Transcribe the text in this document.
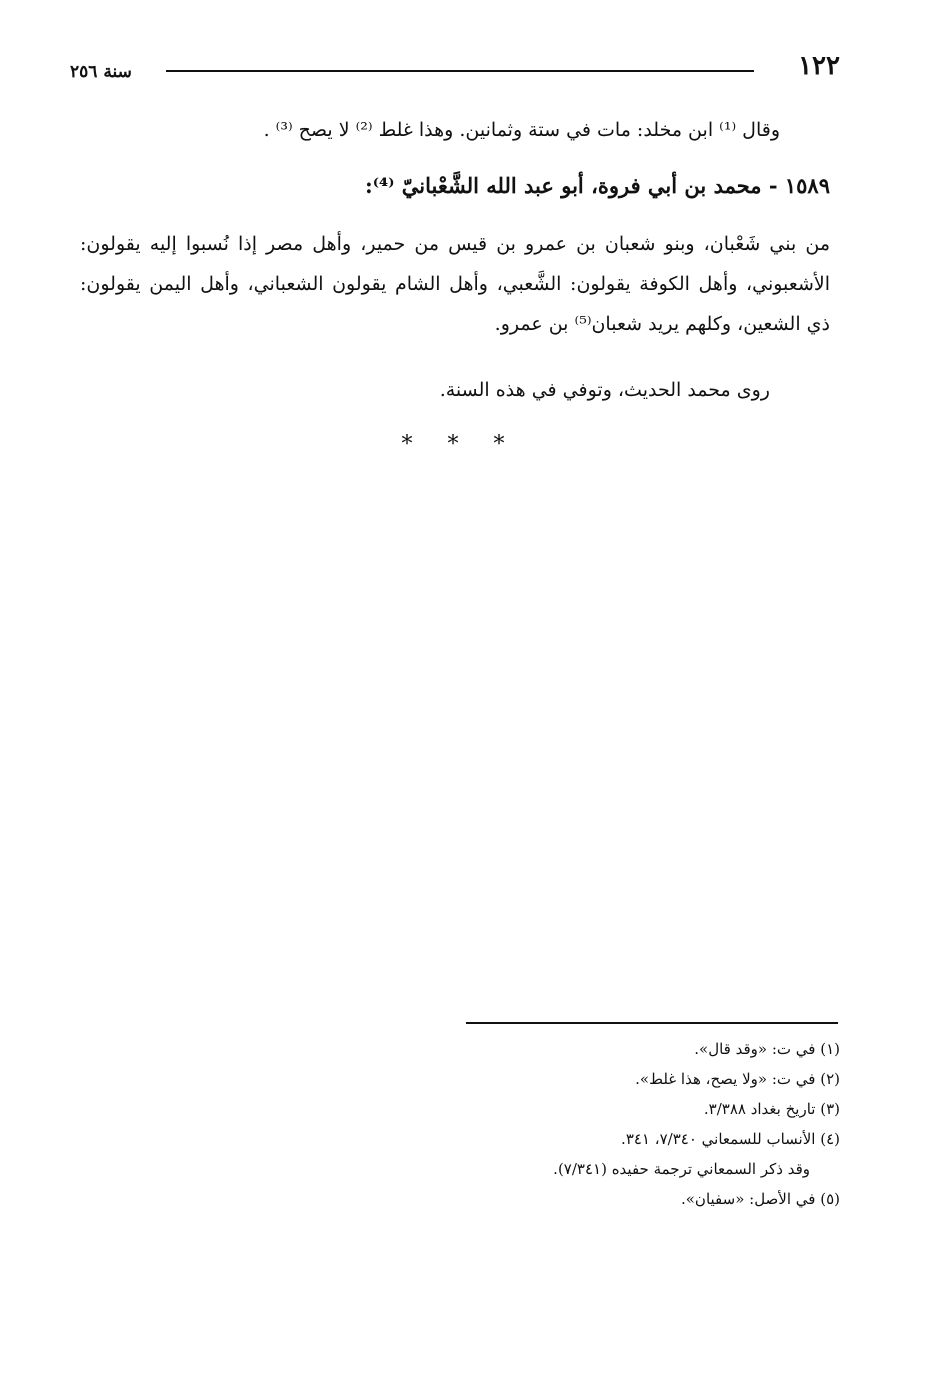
١٢٢
سنة ٢٥٦

وقال ⁽¹⁾ ابن مخلد: مات في ستة وثمانين. وهذا غلط ⁽²⁾ لا يصح ⁽³⁾ .

١٥٨٩ - محمد بن أبي فروة، أبو عبد الله الشَّعْبانيّ ⁽⁴⁾:
من بني شَعْبان، وبنو شعبان بن عمرو بن قيس من حمير، وأهل مصر إذا نُسبوا إليه يقولون: الأشعبوني، وأهل الكوفة يقولون: الشَّعبي، وأهل الشام يقولون الشعباني، وأهل اليمن يقولون: ذي الشعين، وكلهم يريد شعبان⁽⁵⁾ بن عمرو.
روى محمد الحديث، وتوفي في هذه السنة.
* * *
(١) في ت: «وقد قال».
(٢) في ت: «ولا يصح، هذا غلط».
(٣) تاريخ بغداد ٣/٣٨٨.
(٤) الأنساب للسمعاني ٧/٣٤٠، ٣٤١.
وقد ذكر السمعاني ترجمة حفيده (٧/٣٤١).
(٥) في الأصل: «سفيان».
